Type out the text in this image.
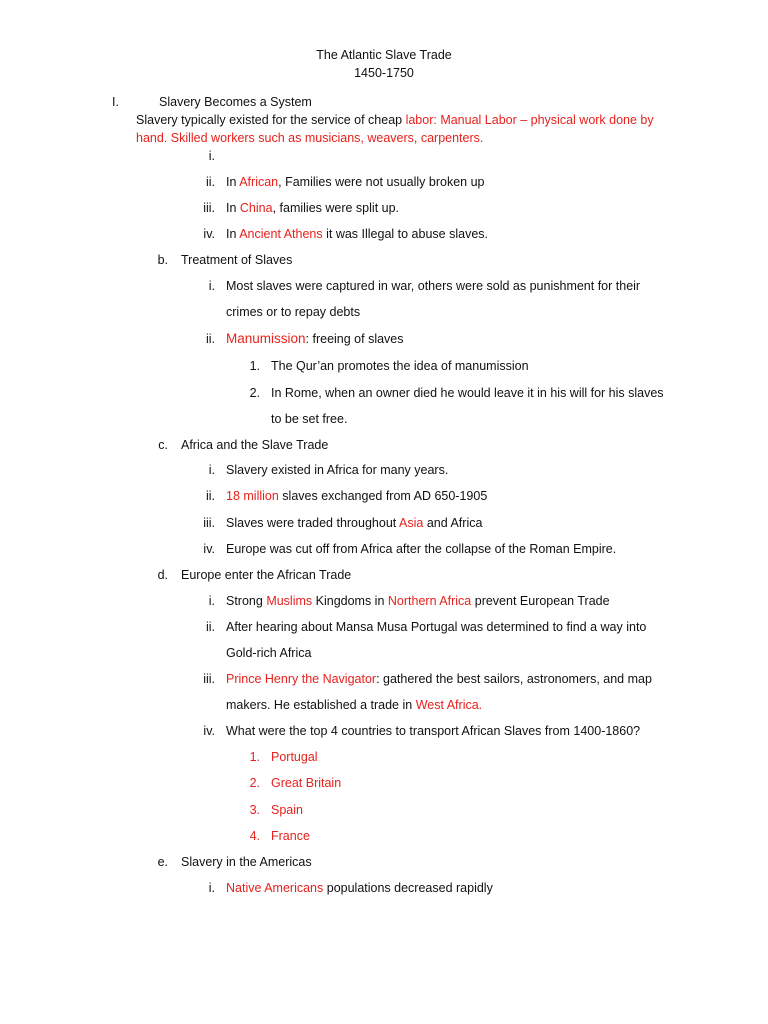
The Atlantic Slave Trade
1450-1750
I.	Slavery Becomes a System
Slavery typically existed for the service of cheap labor: Manual Labor – physical work done by
hand. Skilled workers such as musicians, weavers, carpenters.
i.
ii. In African, Families were not usually broken up
iii. In China, families were split up.
iv. In Ancient Athens it was Illegal to abuse slaves.
b. Treatment of Slaves
i. Most slaves were captured in war, others were sold as punishment for their
crimes or to repay debts
ii. Manumission: freeing of slaves
1. The Qur’an promotes the idea of manumission
2. In Rome, when an owner died he would leave it in his will for his slaves
to be set free.
c. Africa and the Slave Trade
i. Slavery existed in Africa for many years.
ii. 18 million slaves exchanged from AD 650-1905
iii. Slaves were traded throughout Asia and Africa
iv. Europe was cut off from Africa after the collapse of the Roman Empire.
d. Europe enter the African Trade
i. Strong Muslims Kingdoms in Northern Africa prevent European Trade
ii. After hearing about Mansa Musa Portugal was determined to find a way into
Gold-rich Africa
iii. Prince Henry the Navigator: gathered the best sailors, astronomers, and map
makers. He established a trade in West Africa.
iv. What were the top 4 countries to transport African Slaves from 1400-1860?
1. Portugal
2. Great Britain
3. Spain
4. France
e. Slavery in the Americas
i. Native Americans populations decreased rapidly
